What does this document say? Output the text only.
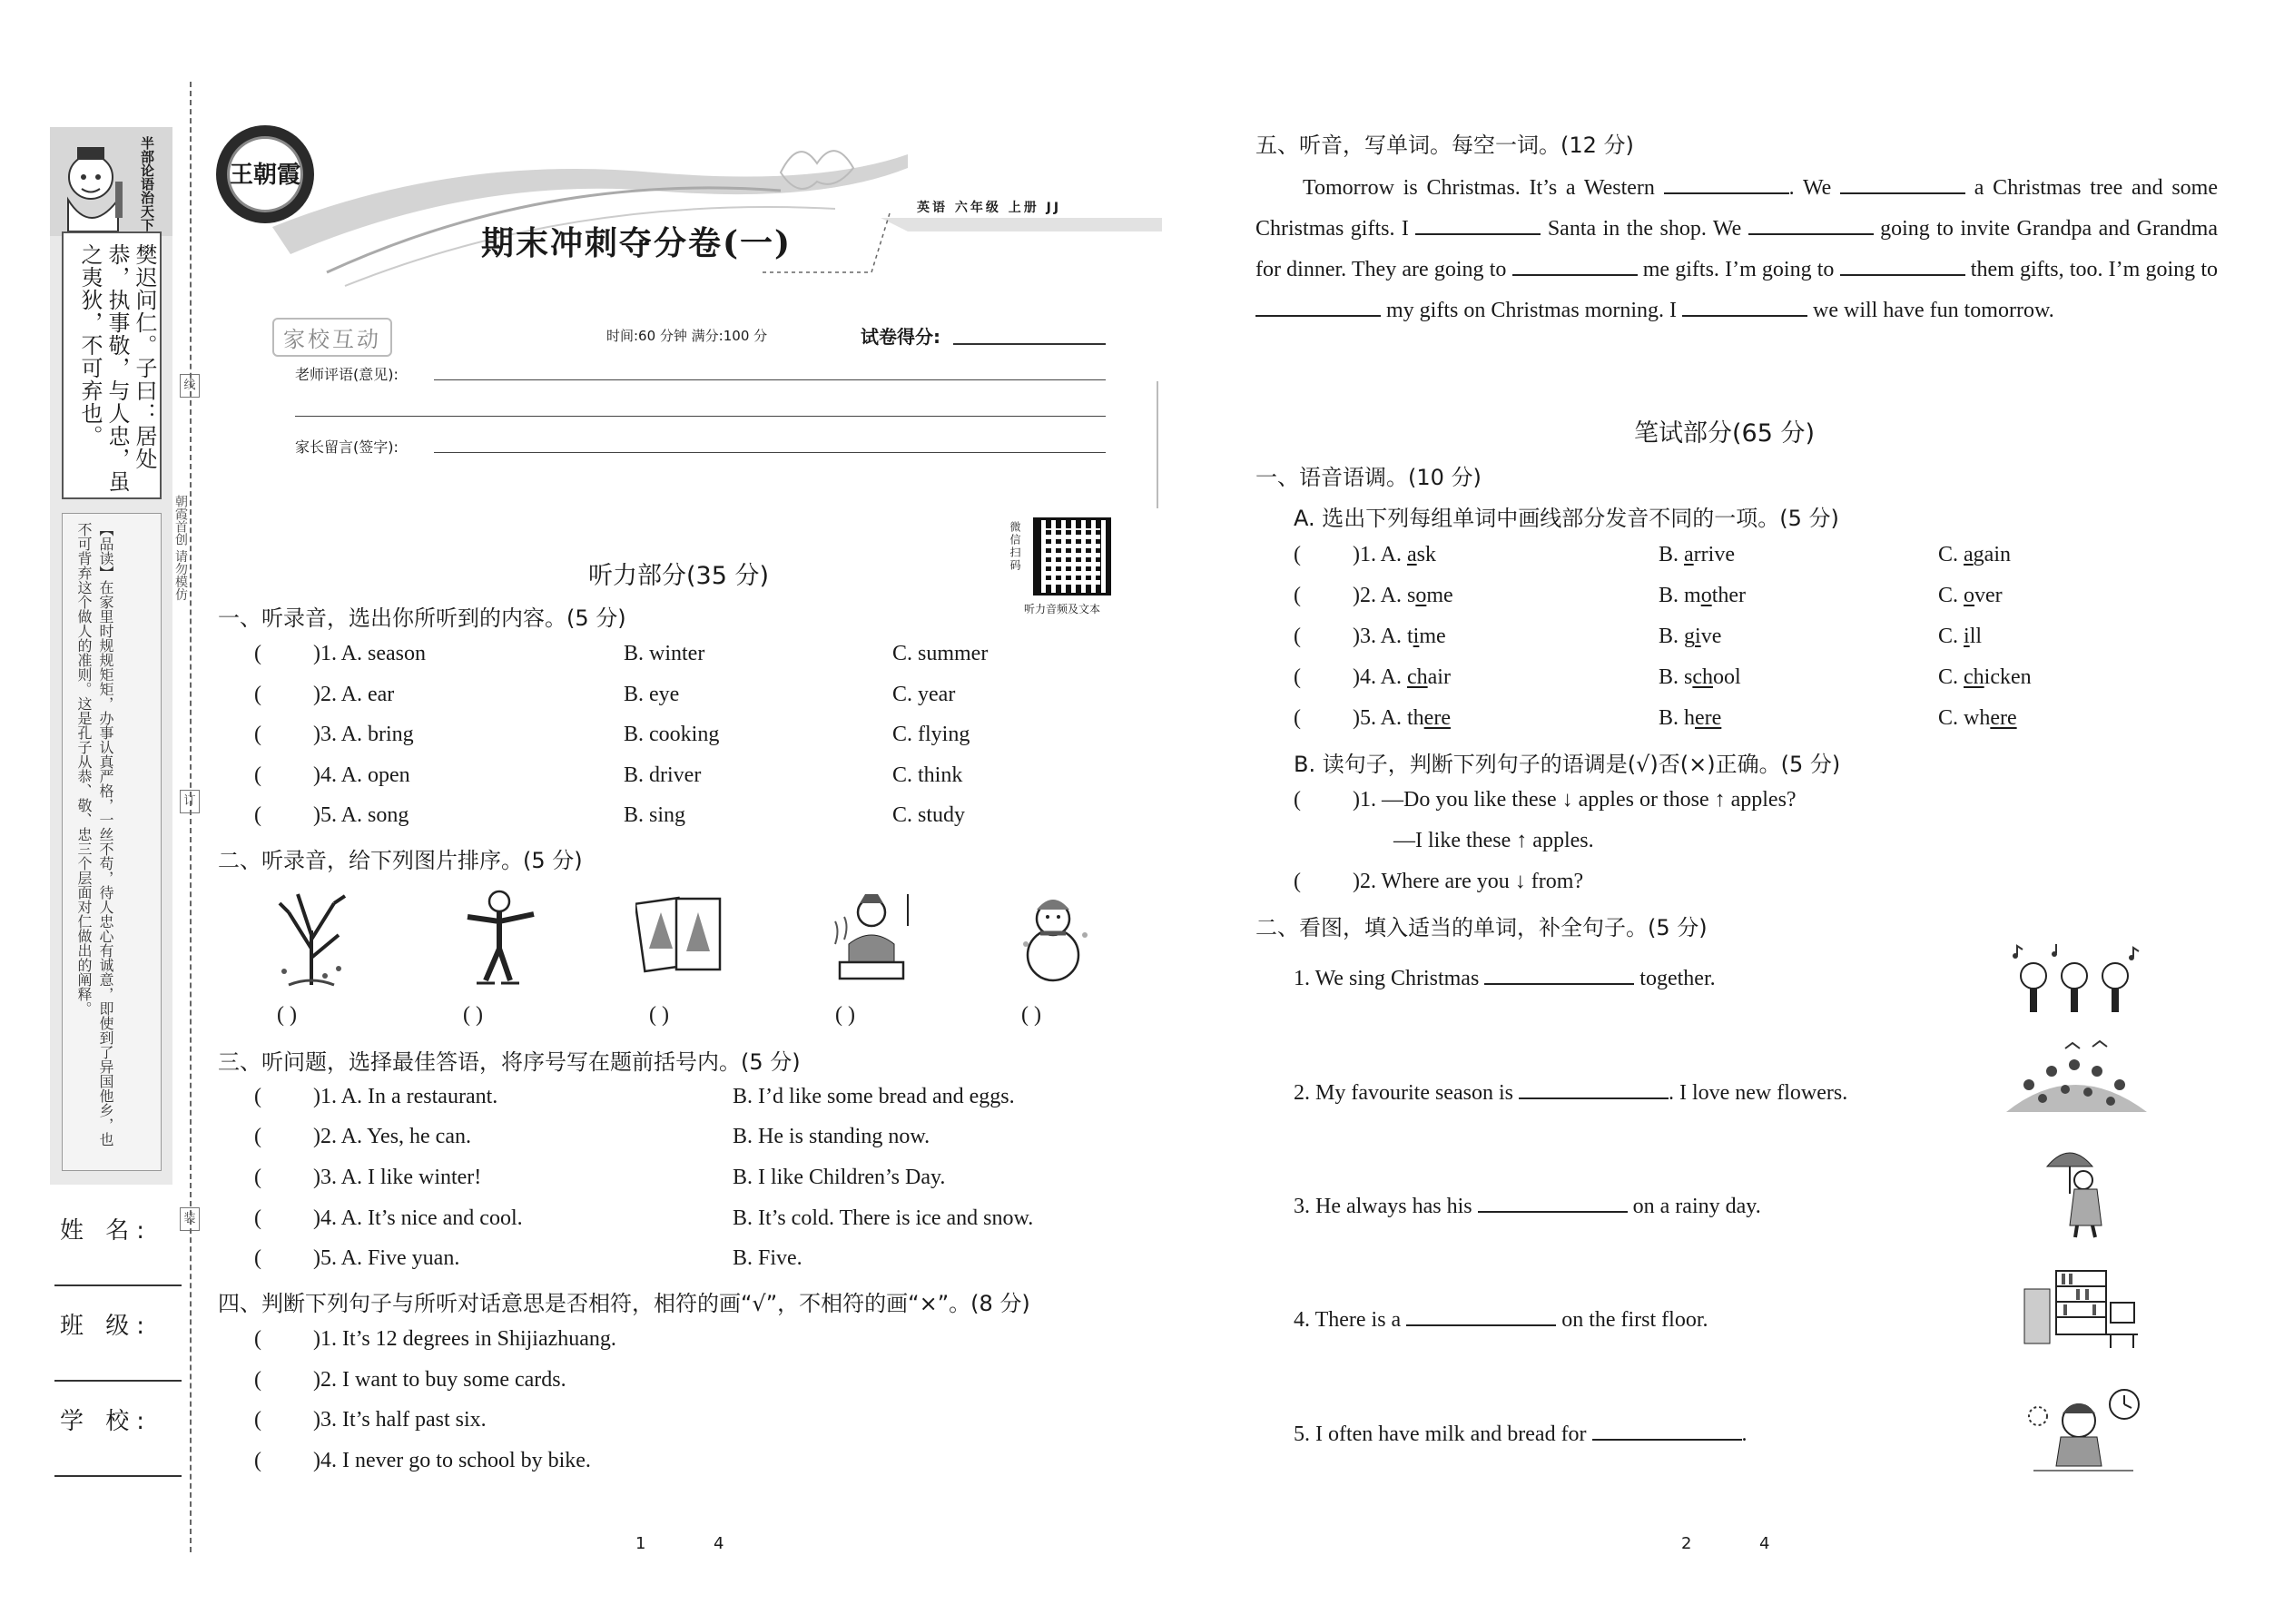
半部论语治天下
樊迟问仁。子曰：居处恭，执事敬，与人忠，虽之夷狄，不可弃也。
【品读】在家里时规规矩矩，办事认真严格，一丝不苟，待人忠心有诚意，即使到了异国他乡，也不可背弃这个做人的准则。这是孔子从恭、敬、忠三个层面对仁做出的阐释。	朝霞首创 请勿模仿
线
订
装
姓 名:
班 级:
学 校:
王朝霞
期末冲刺夺分卷(一)
英语 六年级 上册 JJ
家校互动	时间:60 分钟 满分:100 分	试卷得分:
老师评语(意见):
家长留言(签字):
微信扫码
听力音频及文本
听力部分(35 分)
一、听录音，选出你所听到的内容。(5 分)
( )1. A. season	B. winter	C. summer
( )2. A. ear	B. eye	C. year
( )3. A. bring	B. cooking	C. flying
( )4. A. open	B. driver	C. think
( )5. A. song	B. sing	C. study
二、听录音，给下列图片排序。(5 分)
( )	( )	( )	( )	( )
三、听问题，选择最佳答语，将序号写在题前括号内。(5 分)
( )1. A. In a restaurant.	B. I’d like some bread and eggs.
( )2. A. Yes, he can.	B. He is standing now.
( )3. A. I like winter!	B. I like Children’s Day.
( )4. A. It’s nice and cool.	B. It’s cold. There is ice and snow.
( )5. A. Five yuan.	B. Five.
四、判断下列句子与所听对话意思是否相符，相符的画“√”，不相符的画“×”。(8 分)
( )1. It’s 12 degrees in Shijiazhuang.
( )2. I want to buy some cards.
( )3. It’s half past six.
( )4. I never go to school by bike.
1	4
五、听音，写单词。每空一词。(12 分)
Tomorrow is Christmas. It’s a Western	. We	a Christmas tree and some Christmas gifts. I	Santa in the shop. We	going to invite Grandpa and Grandma for dinner. They are going to	me gifts. I’m going to	them gifts, too. I’m going to  my gifts on Christmas morning. I	we will have fun tomorrow.
笔试部分(65 分)
一、语音语调。(10 分)
A. 选出下列每组单词中画线部分发音不同的一项。(5 分)
( )1. A. ask	B. arrive	C. again
( )2. A. some	B. mother	C. over
( )3. A. time	B. give	C. ill
( )4. A. chair	B. school	C. chicken
( )5. A. there	B. here	C. where
B. 读句子，判断下列句子的语调是(√)否(×)正确。(5 分)
( )1. —Do you like these ↓ apples or those ↑ apples?
—I like these ↑ apples.
( )2. Where are you ↓ from?
二、看图，填入适当的单词，补全句子。(5 分)
1. We sing Christmas	together.
2. My favourite season is	. I love new flowers.
3. He always has his	on a rainy day.
4. There is a	on the first floor.
5. I often have milk and bread for	.
2	4
